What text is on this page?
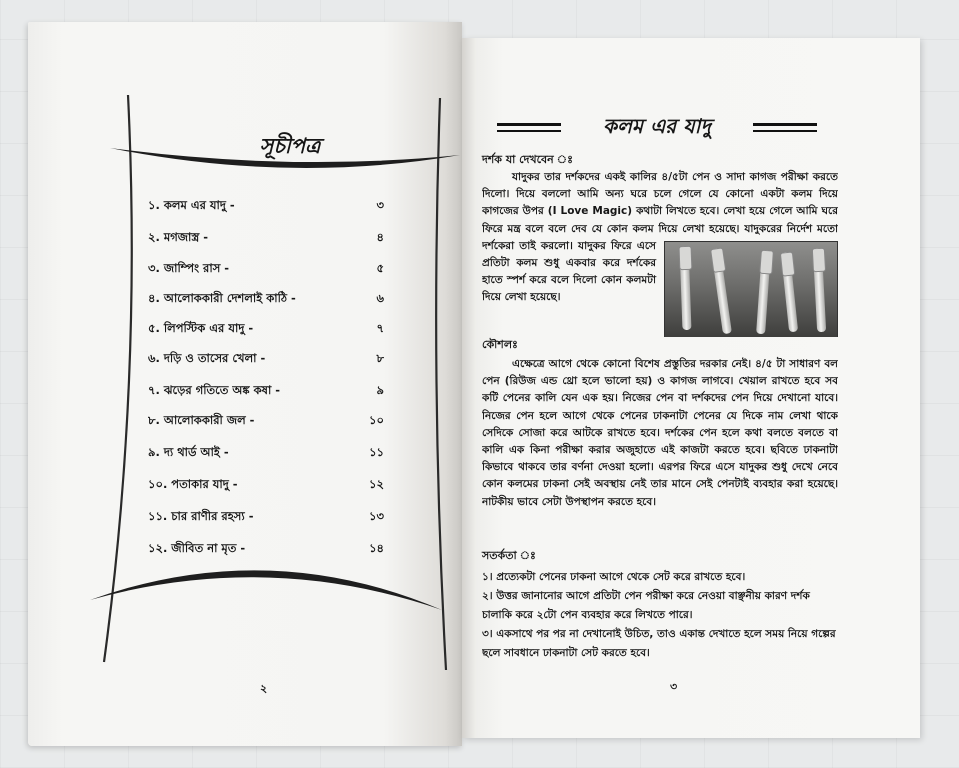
সূচীপত্র
১. কলম এর যাদু -	৩
২. মগজাস্ত্র -	৪
৩. জাম্পিং রাস -	৫
৪. আলোককারী দেশলাই কাঠি -	৬
৫. লিপস্টিক এর যাদু -	৭
৬. দড়ি ও তাসের খেলা -	৮
৭. ঝড়ের গতিতে অঙ্ক কষা -	৯
৮. আলোককারী জল -	১০
৯. দ্য থার্ড আই -	১১
১০. পতাকার যাদু -	১২
১১. চার রাণীর রহস্য -	১৩
১২. জীবিত না মৃত -	১৪
২
কলম এর যাদু
দর্শক যা দেখবেন ঃ
যাদুকর তার দর্শকদের একই কালির ৪/৫টা পেন ও সাদা কাগজ পরীক্ষা করতে দিলো। দিয়ে বললো আমি অন্য ঘরে চলে গেলে যে কোনো একটা কলম দিয়ে কাগজের উপর (I Love Magic) কথাটা লিখতে হবে। লেখা হয়ে গেলে আমি ঘরে ফিরে মন্ত্র বলে বলে দেব যে কোন কলম দিয়ে লেখা হয়েছে। যাদুকরের নির্দেশ মতো দর্শকেরা তাই করলো। যাদুকর ফিরে এসে প্রতিটা কলম শুধু একবার করে দর্শকের হাতে স্পর্শ করে বলে দিলো কোন কলমটা দিয়ে লেখা হয়েছে।
কৌশলঃ
এক্ষেত্রে আগে থেকে কোনো বিশেষ প্রস্তুতির দরকার নেই। ৪/৫ টা সাধারণ বল পেন (রিউজ এন্ড থ্রো হলে ভালো হয়) ও কাগজ লাগবে। খেয়াল রাখতে হবে সব কটি পেনের কালি যেন এক হয়। নিজের পেন বা দর্শকদের পেন দিয়ে দেখানো যাবে। নিজের পেন হলে আগে থেকে পেনের ঢাকনাটা পেনের যে দিকে নাম লেখা থাকে সেদিকে সোজা করে আটকে রাখতে হবে। দর্শকের পেন হলে কথা বলতে বলতে বা কালি এক কিনা পরীক্ষা করার অজুহাতে এই কাজটা করতে হবে। ছবিতে ঢাকনাটা কিভাবে থাকবে তার বর্ণনা দেওয়া হলো। এরপর ফিরে এসে যাদুকর শুধু দেখে নেবে কোন কলমের ঢাকনা সেই অবস্থায় নেই তার মানে সেই পেনটাই ব্যবহার করা হয়েছে। নাটকীয় ভাবে সেটা উপস্থাপন করতে হবে।
সতর্কতা ঃ
১। প্রত্যেকটা পেনের ঢাকনা আগে থেকে সেট করে রাখতে হবে।
২। উত্তর জানানোর আগে প্রতিটা পেন পরীক্ষা করে নেওয়া বাঞ্ছনীয় কারণ দর্শক চালাকি করে ২টো পেন ব্যবহার করে লিখতে পারে।
৩। একসাথে পর পর না দেখানোই উচিত, তাও একান্ত দেখাতে হলে সময় নিয়ে গল্পের ছলে সাবধানে ঢাকনাটা সেট করতে হবে।
৩
